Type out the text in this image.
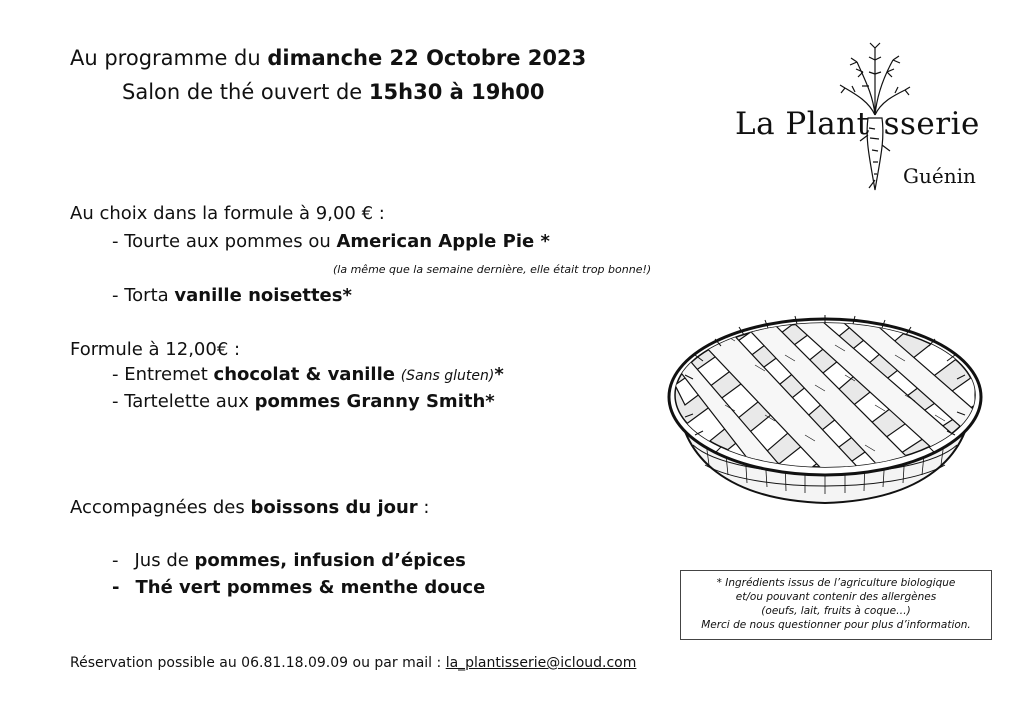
Au programme du dimanche 22 Octobre 2023
Salon de thé ouvert de 15h30 à 19h00
La Plant sserie
Guénin
Au choix dans la formule à 9,00 € :
- Tourte aux pommes ou American Apple Pie *
(la même que la semaine dernière, elle était trop bonne!)
- Torta vanille noisettes*
Formule à 12,00€ :
- Entremet chocolat & vanille (Sans gluten)*
- Tartelette aux pommes Granny Smith*
Accompagnées des boissons du jour :
- Jus de pommes, infusion d’épices
- Thé vert pommes & menthe douce	* Ingrédients issus de l’agriculture biologique
et/ou pouvant contenir des allergènes
(oeufs, lait, fruits à coque…)
Merci de nous questionner pour plus d’information.
Réservation possible au 06.81.18.09.09 ou par mail : la_plantisserie@icloud.com
